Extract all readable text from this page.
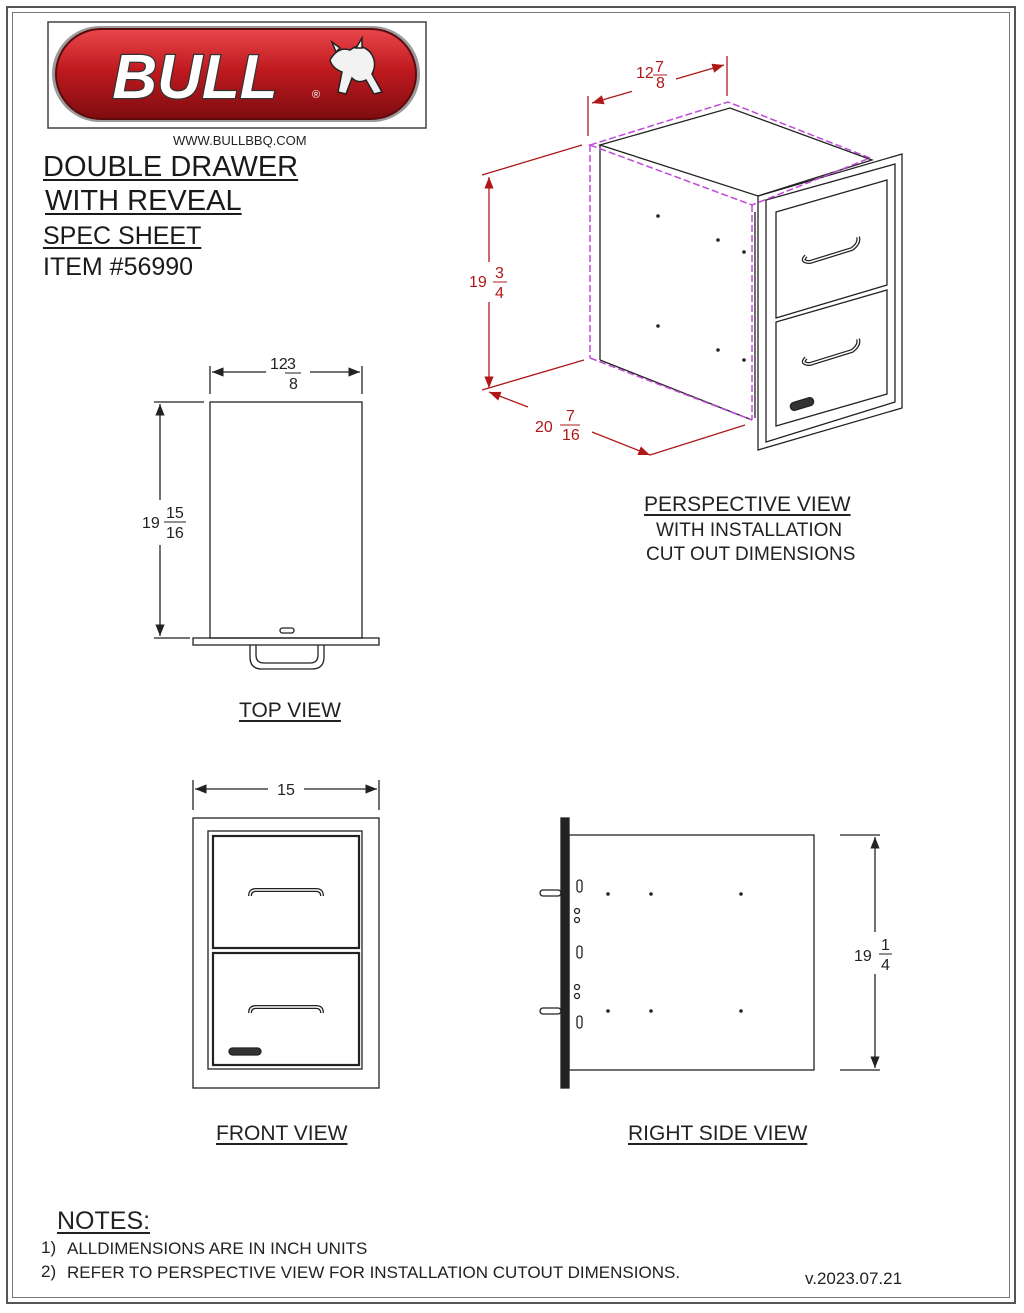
BULL	®
12 3
8
19
15
16
12 7
8
19
3
4
20
7
16
15
19
1
4
WWW.BULLBBQ.COM
DOUBLE DRAWER
WITH REVEAL
SPEC SHEET
ITEM #56990
PERSPECTIVE VIEW
WITH INSTALLATION
CUT OUT DIMENSIONS
TOP VIEW
FRONT VIEW	RIGHT SIDE VIEW
NOTES:
1) ALLDIMENSIONS ARE IN INCH UNITS
2) REFER TO PERSPECTIVE VIEW FOR INSTALLATION CUTOUT DIMENSIONS.	v.2023.07.21
